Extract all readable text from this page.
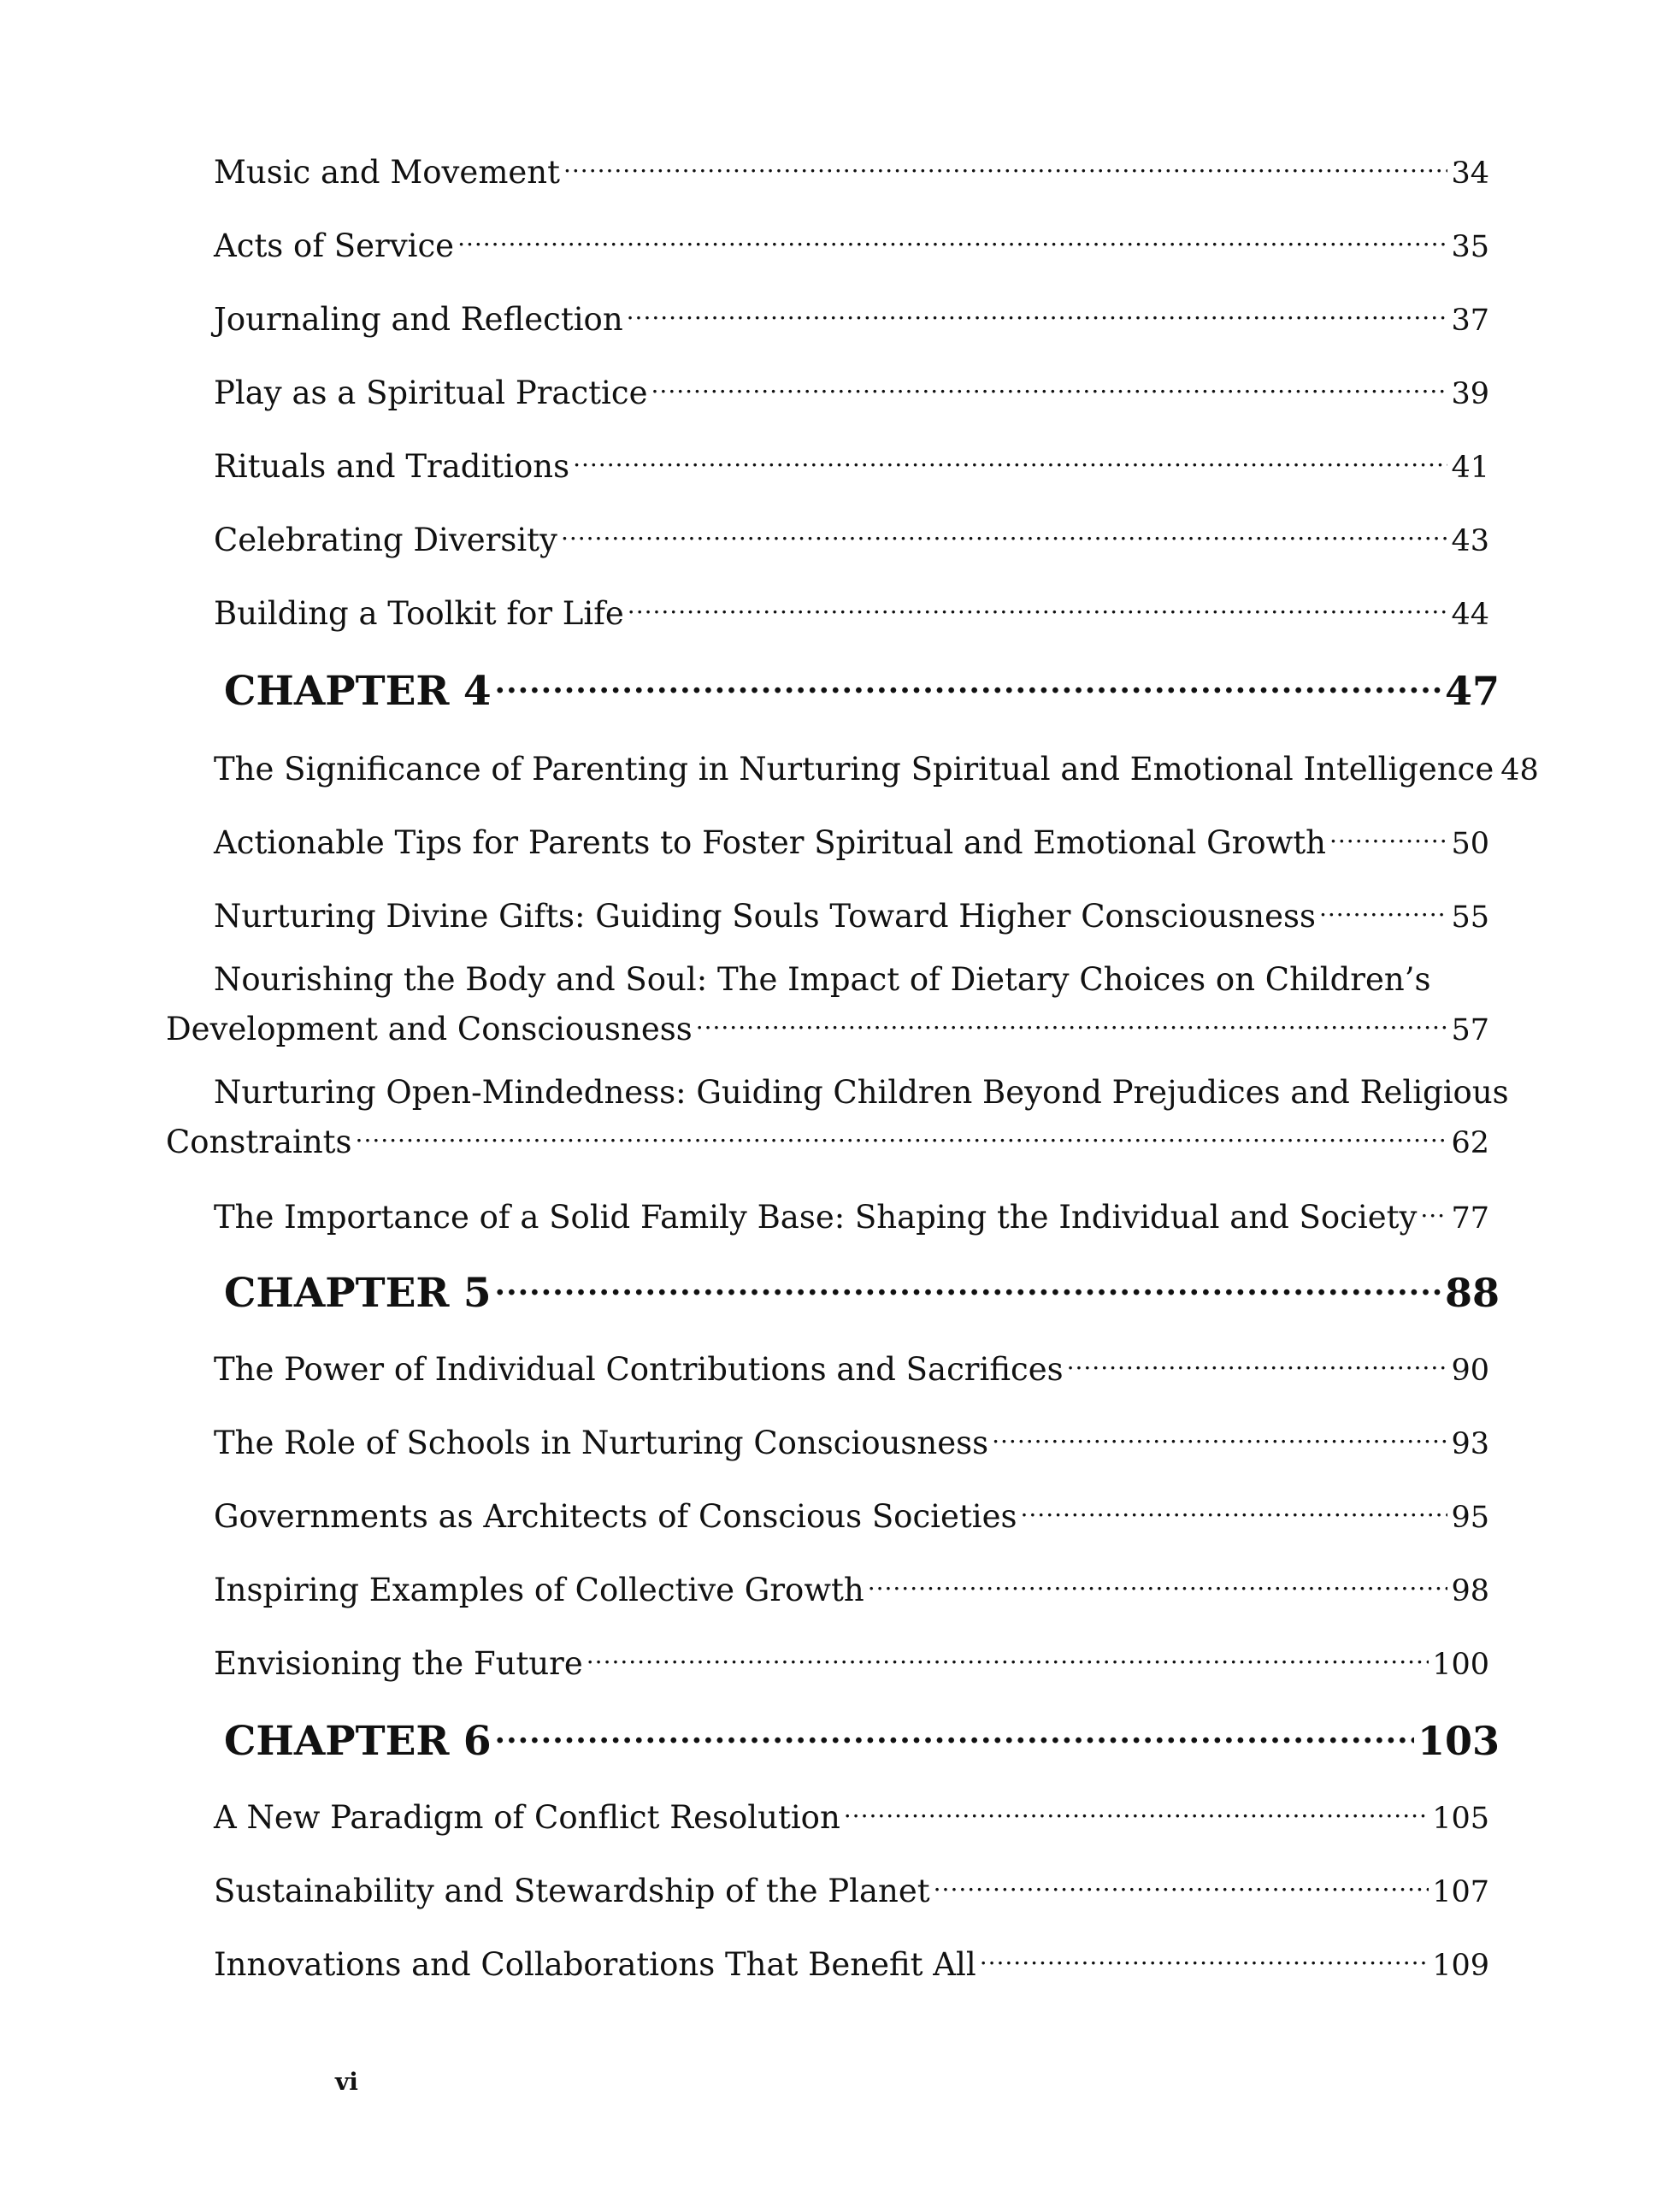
Music and Movement .....	34
Acts of Service .....	35
Journaling and Reflection .....	37
Play as a Spiritual Practice .....	39
Rituals and Traditions .....	41
Celebrating Diversity .....	43
Building a Toolkit for Life .....	44
CHAPTER 4 .....	47
The Significance of Parenting in Nurturing Spiritual and Emotional Intelligence 48
Actionable Tips for Parents to Foster Spiritual and Emotional Growth .....	50
Nurturing Divine Gifts: Guiding Souls Toward Higher Consciousness .....	55
Nourishing the Body and Soul: The Impact of Dietary Choices on Children’s
Development and Consciousness .....	57
Nurturing Open-Mindedness: Guiding Children Beyond Prejudices and Religious
Constraints .....	62
The Importance of a Solid Family Base: Shaping the Individual and Society ..... 77
CHAPTER 5 .....	88
The Power of Individual Contributions and Sacrifices .....	90
The Role of Schools in Nurturing Consciousness .....	93
Governments as Architects of Conscious Societies .....	95
Inspiring Examples of Collective Growth .....	98
Envisioning the Future .....	100
CHAPTER 6 .....	103
A New Paradigm of Conflict Resolution .....	105
Sustainability and Stewardship of the Planet .....	107
Innovations and Collaborations That Benefit All .....	109
vi
